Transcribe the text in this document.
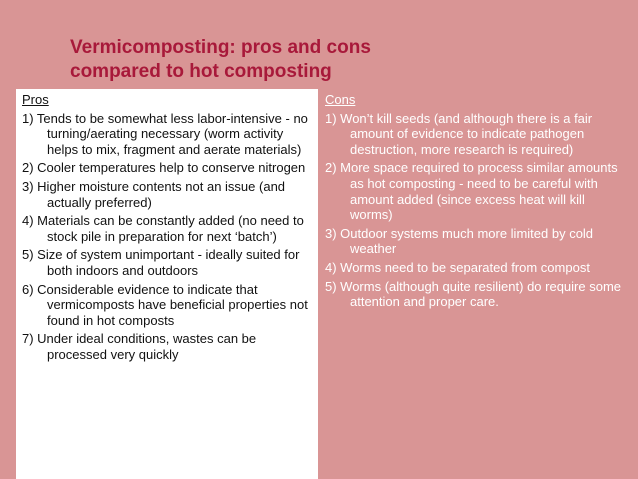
Vermicomposting: pros and cons
compared to hot composting
Pros
1) Tends to be somewhat less labor-intensive - no turning/aerating necessary (worm activity helps to mix, fragment and aerate materials)
2) Cooler temperatures help to conserve nitrogen
3) Higher moisture contents not an issue (and actually preferred)
4) Materials can be constantly added (no need to stock pile in preparation for next ‘batch’)
5) Size of system unimportant - ideally suited for both indoors and outdoors
6) Considerable evidence to indicate that vermicomposts have beneficial properties not found in hot composts
7) Under ideal conditions, wastes can be processed very quickly
Cons
1) Won’t kill seeds (and although there is a fair amount of evidence to indicate pathogen destruction, more research is required)
2) More space required to process similar amounts as hot composting - need to be careful with amount added (since excess heat will kill worms)
3) Outdoor systems much more limited by cold weather
4) Worms need to be separated from compost
5) Worms (although quite resilient) do require some attention and proper care.
